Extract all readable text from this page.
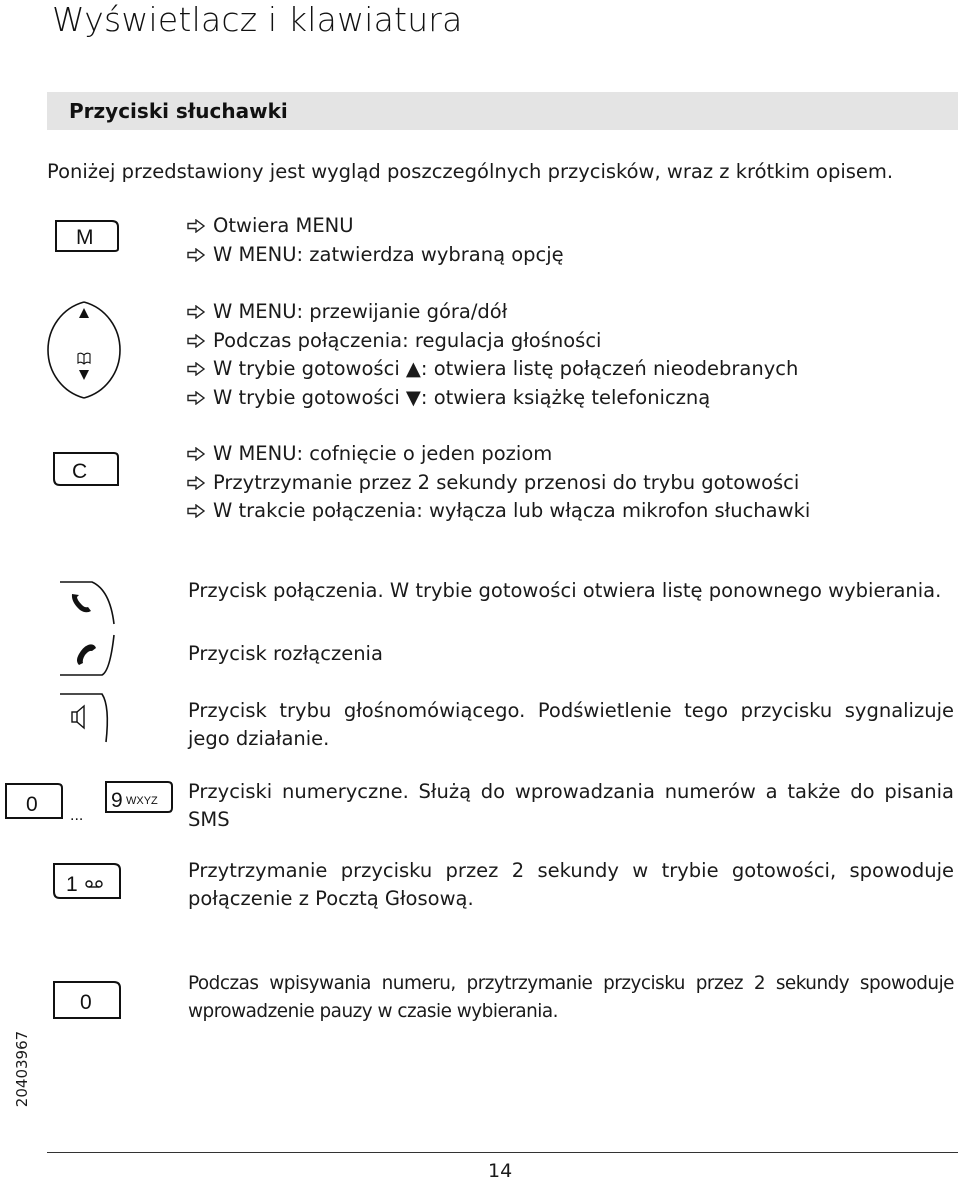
Wyświetlacz i klawiatura
Przyciski słuchawki
Poniżej przedstawiony jest wygląd poszczególnych przycisków, wraz z krótkim opisem.
M
Otwiera MENU
W MENU: zatwierdza wybraną opcję
W MENU: przewijanie góra/dół
Podczas połączenia: regulacja głośności
W trybie gotowości ▲: otwiera listę połączeń nieodebranych
W trybie gotowości ▼: otwiera książkę telefoniczną
C
W MENU: cofnięcie o jeden poziom
Przytrzymanie przez 2 sekundy przenosi do trybu gotowości
W trakcie połączenia: wyłącza lub włącza mikrofon słuchawki
Przycisk połączenia. W trybie gotowości otwiera listę ponownego wybierania.
Przycisk rozłączenia
Przycisk trybu głośnomówiącego. Podświetlenie tego przycisku sygnalizuje jego działanie.
0 ...
9 WXYZ Przyciski numeryczne. Służą do wprowadzania numerów a także do pisania SMS
1
Przytrzymanie przycisku przez 2 sekundy w trybie gotowości, spowoduje połączenie z Pocztą Głosową.
0
Podczas wpisywania numeru, przytrzymanie przycisku przez 2 sekundy spowoduje wprowadzenie pauzy w czasie wybierania.
20403967
14
